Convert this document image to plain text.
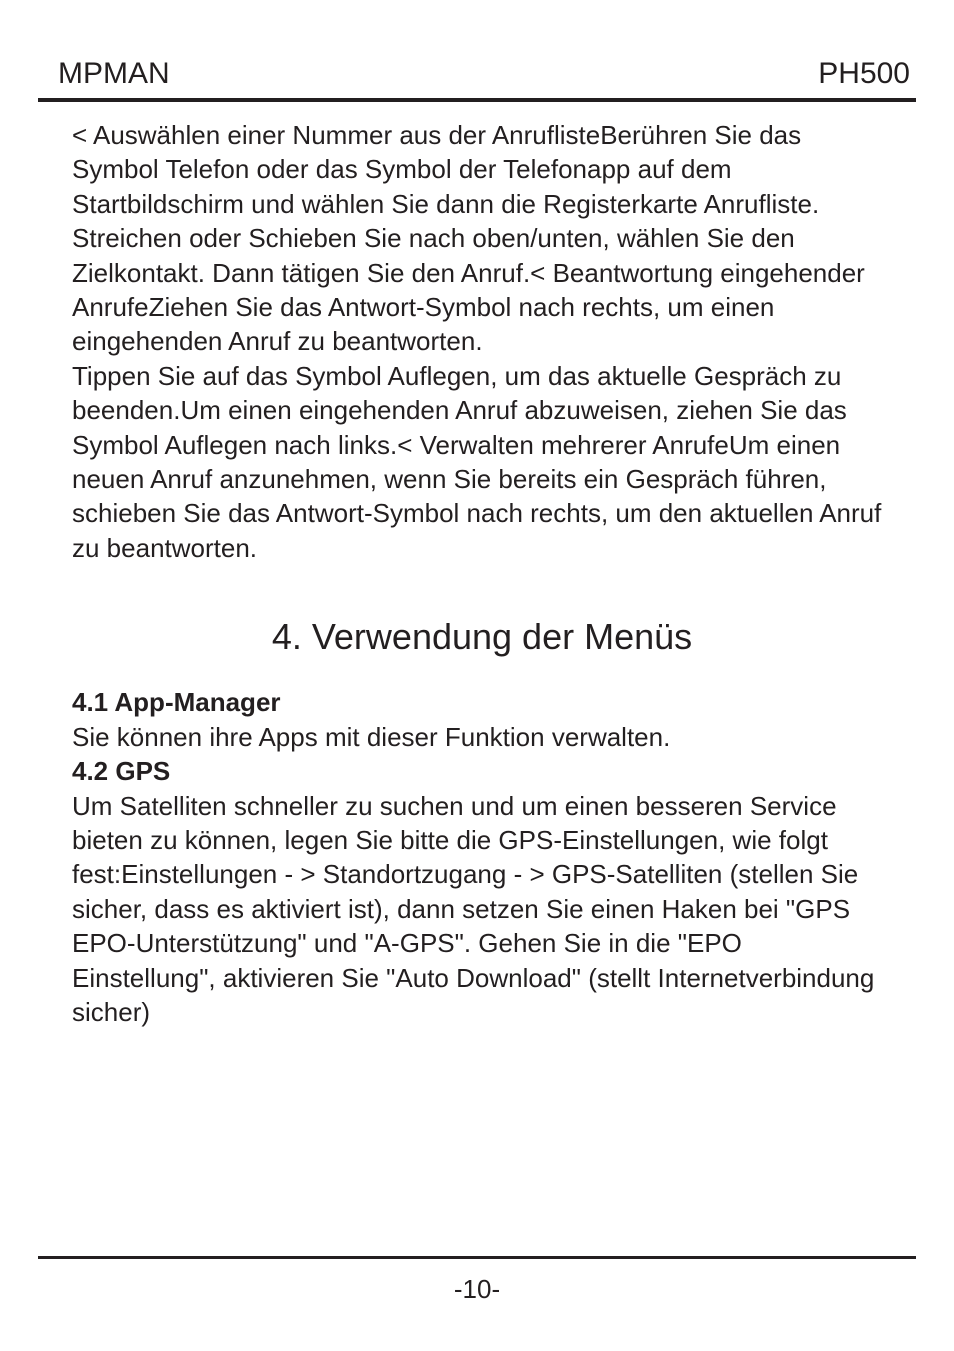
MPMAN	PH500

< Auswählen einer Nummer aus der AnruflisteBerühren Sie das Symbol Telefon oder das Symbol der Telefonapp auf dem Startbildschirm und wählen Sie dann die Registerkarte Anrufliste. Streichen oder Schieben Sie nach oben/unten, wählen Sie den Zielkontakt. Dann tätigen Sie den Anruf.< Beantwortung eingehender AnrufeZiehen Sie das Antwort-Symbol nach rechts, um einen eingehenden Anruf zu beantworten.

Tippen Sie auf das Symbol Auflegen, um das aktuelle Gespräch zu beenden.Um einen eingehenden Anruf abzuweisen, ziehen Sie das Symbol Auflegen nach links.< Verwalten mehrerer AnrufeUm einen neuen Anruf anzunehmen, wenn Sie bereits ein Gespräch führen, schieben Sie das Antwort-Symbol nach rechts, um den aktuellen Anruf zu beantworten.

4. Verwendung der Menüs

4.1 App-Manager

Sie können ihre Apps mit dieser Funktion verwalten.

4.2 GPS

Um Satelliten schneller zu suchen und um einen besseren Service bieten zu können, legen Sie bitte die GPS-Einstellungen, wie folgt fest:Einstellungen - > Standortzugang - > GPS-Satelliten (stellen Sie sicher, dass es aktiviert ist), dann setzen Sie einen Haken bei "GPS EPO-Unterstützung" und "A-GPS". Gehen Sie in die "EPO Einstellung", aktivieren Sie "Auto Download" (stellt Internetverbindung sicher)

-10-
